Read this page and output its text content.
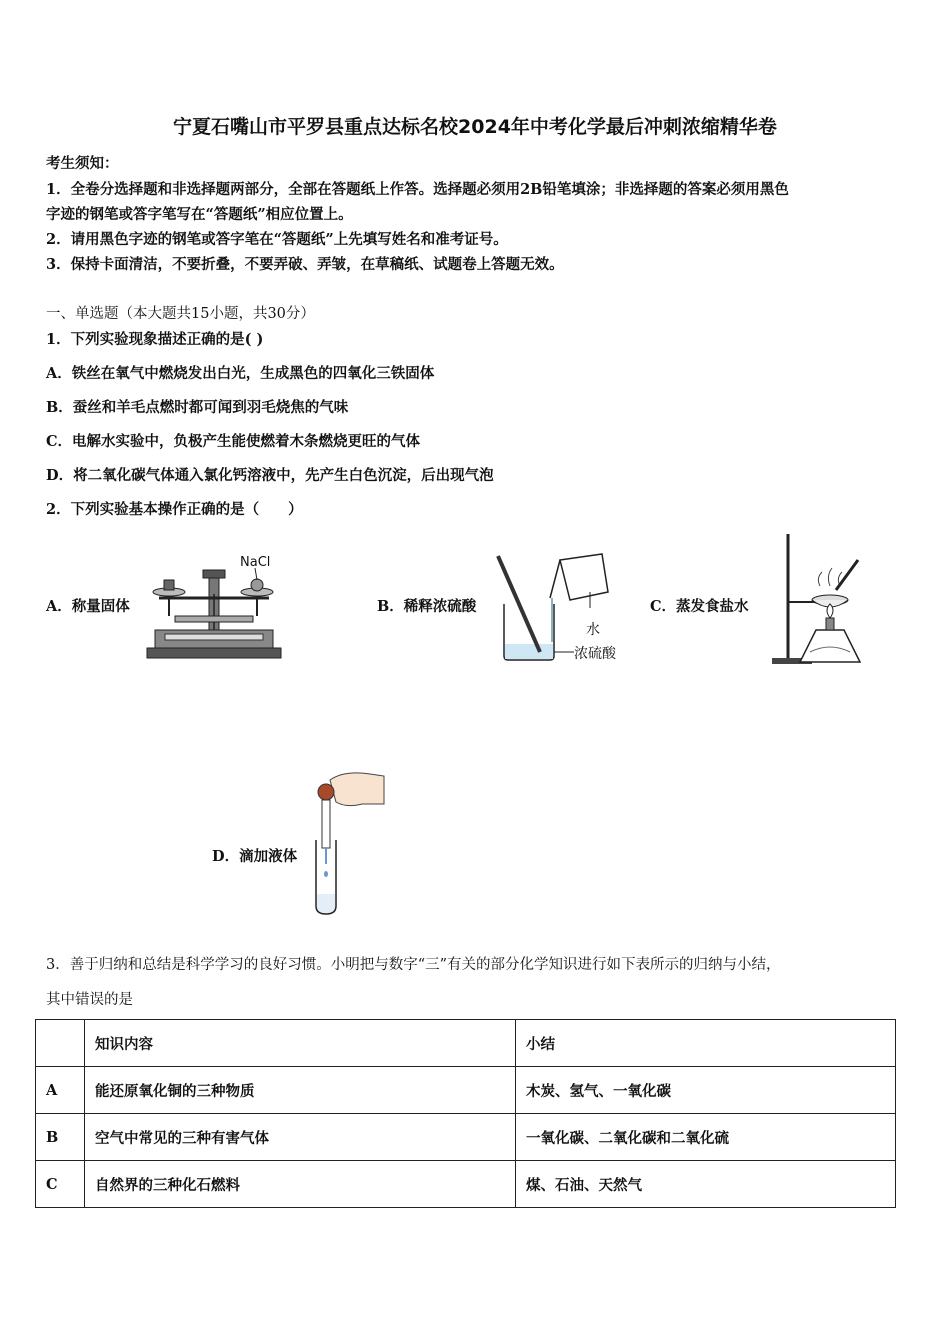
宁夏石嘴山市平罗县重点达标名校2024年中考化学最后冲刺浓缩精华卷
考生须知：
1．全卷分选择题和非选择题两部分，全部在答题纸上作答。选择题必须用2B铅笔填涂；非选择题的答案必须用黑色
字迹的钢笔或答字笔写在“答题纸”相应位置上。
2．请用黑色字迹的钢笔或答字笔在“答题纸”上先填写姓名和准考证号。
3．保持卡面清洁，不要折叠，不要弄破、弄皱，在草稿纸、试题卷上答题无效。
一、单选题（本大题共15小题，共30分）
1．下列实验现象描述正确的是( )
A．铁丝在氧气中燃烧发出白光，生成黑色的四氧化三铁固体
B．蚕丝和羊毛点燃时都可闻到羽毛烧焦的气味
C．电解水实验中，负极产生能使燃着木条燃烧更旺的气体
D．将二氧化碳气体通入氯化钙溶液中，先产生白色沉淀，后出现气泡
2．下列实验基本操作正确的是（　　）
A．称量固体	B．稀释浓硫酸	C．蒸发食盐水
D．滴加液体
NaCl
水
浓硫酸
3．善于归纳和总结是科学学习的良好习惯。小明把与数字“三”有关的部分化学知识进行如下表所示的归纳与小结，
其中错误的是
	知识内容	小结
A	能还原氧化铜的三种物质	木炭、氢气、一氧化碳
B	空气中常见的三种有害气体	一氧化碳、二氧化碳和二氧化硫
C	自然界的三种化石燃料	煤、石油、天然气
